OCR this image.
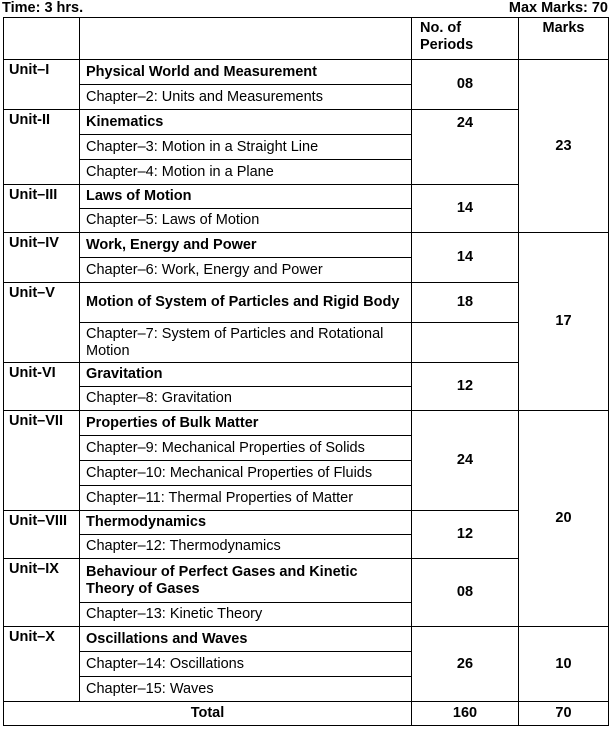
Time: 3 hrs.	Max Marks: 70
		No. of Periods	Marks
Unit–I	Physical World and Measurement	08	23
	Chapter–2: Units and Measurements		
Unit-II	Kinematics	24	
	Chapter–3: Motion in a Straight Line		
	Chapter–4: Motion in a Plane		
Unit–III	Laws of Motion	14	
	Chapter–5: Laws of Motion		
Unit–IV	Work, Energy and Power	14	17
	Chapter–6: Work, Energy and Power		
Unit–V	Motion of System of Particles and Rigid Body	18	
	Chapter–7: System of Particles and Rotational Motion		
Unit-VI	Gravitation	12	
	Chapter–8: Gravitation		
Unit–VII	Properties of Bulk Matter	24	20
	Chapter–9: Mechanical Properties of Solids		
	Chapter–10: Mechanical Properties of Fluids		
	Chapter–11: Thermal Properties of Matter		
Unit–VIII	Thermodynamics	12	
	Chapter–12: Thermodynamics		
Unit–IX	Behaviour of Perfect Gases and Kinetic Theory of Gases	08	
	Chapter–13: Kinetic Theory		
Unit–X	Oscillations and Waves	26	10
	Chapter–14: Oscillations		
	Chapter–15: Waves		
Total		160	70
